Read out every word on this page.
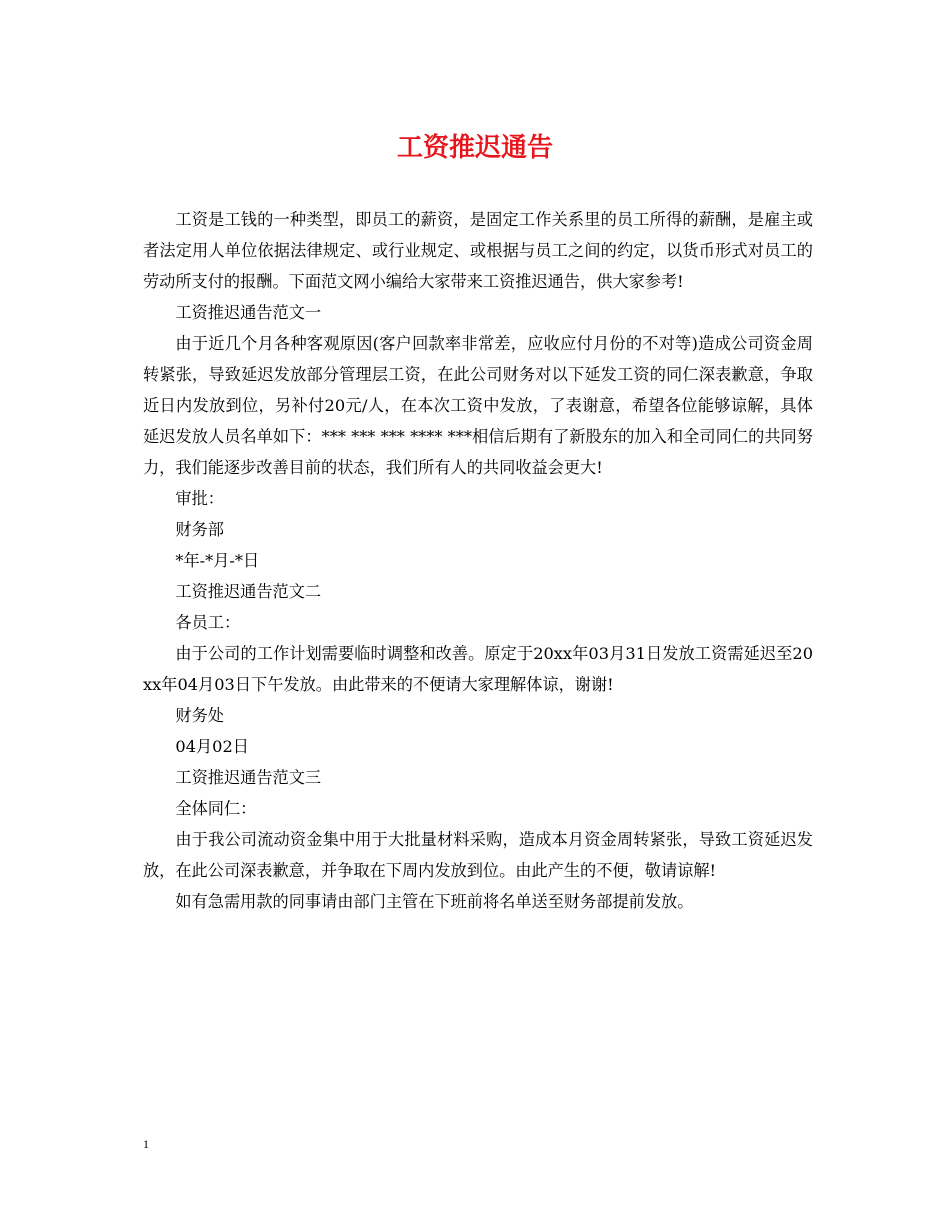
工资推迟通告

工资是工钱的一种类型，即员工的薪资，是固定工作关系里的员工所得的薪酬，是雇主或者法定用人单位依据法律规定、或行业规定、或根据与员工之间的约定，以货币形式对员工的劳动所支付的报酬。下面范文网小编给大家带来工资推迟通告，供大家参考!

工资推迟通告范文一

由于近几个月各种客观原因(客户回款率非常差，应收应付月份的不对等)造成公司资金周转紧张，导致延迟发放部分管理层工资，在此公司财务对以下延发工资的同仁深表歉意，争取近日内发放到位，另补付20元/人，在本次工资中发放，了表谢意，希望各位能够谅解，具体延迟发放人员名单如下：*** *** *** **** ***相信后期有了新股东的加入和全司同仁的共同努力，我们能逐步改善目前的状态，我们所有人的共同收益会更大!

审批：

财务部

*年-*月-*日

工资推迟通告范文二

各员工：

由于公司的工作计划需要临时调整和改善。原定于20xx年03月31日发放工资需延迟至20xx年04月03日下午发放。由此带来的不便请大家理解体谅，谢谢!

财务处

04月02日

工资推迟通告范文三

全体同仁：

由于我公司流动资金集中用于大批量材料采购，造成本月资金周转紧张，导致工资延迟发放，在此公司深表歉意，并争取在下周内发放到位。由此产生的不便，敬请谅解!

如有急需用款的同事请由部门主管在下班前将名单送至财务部提前发放。

1
